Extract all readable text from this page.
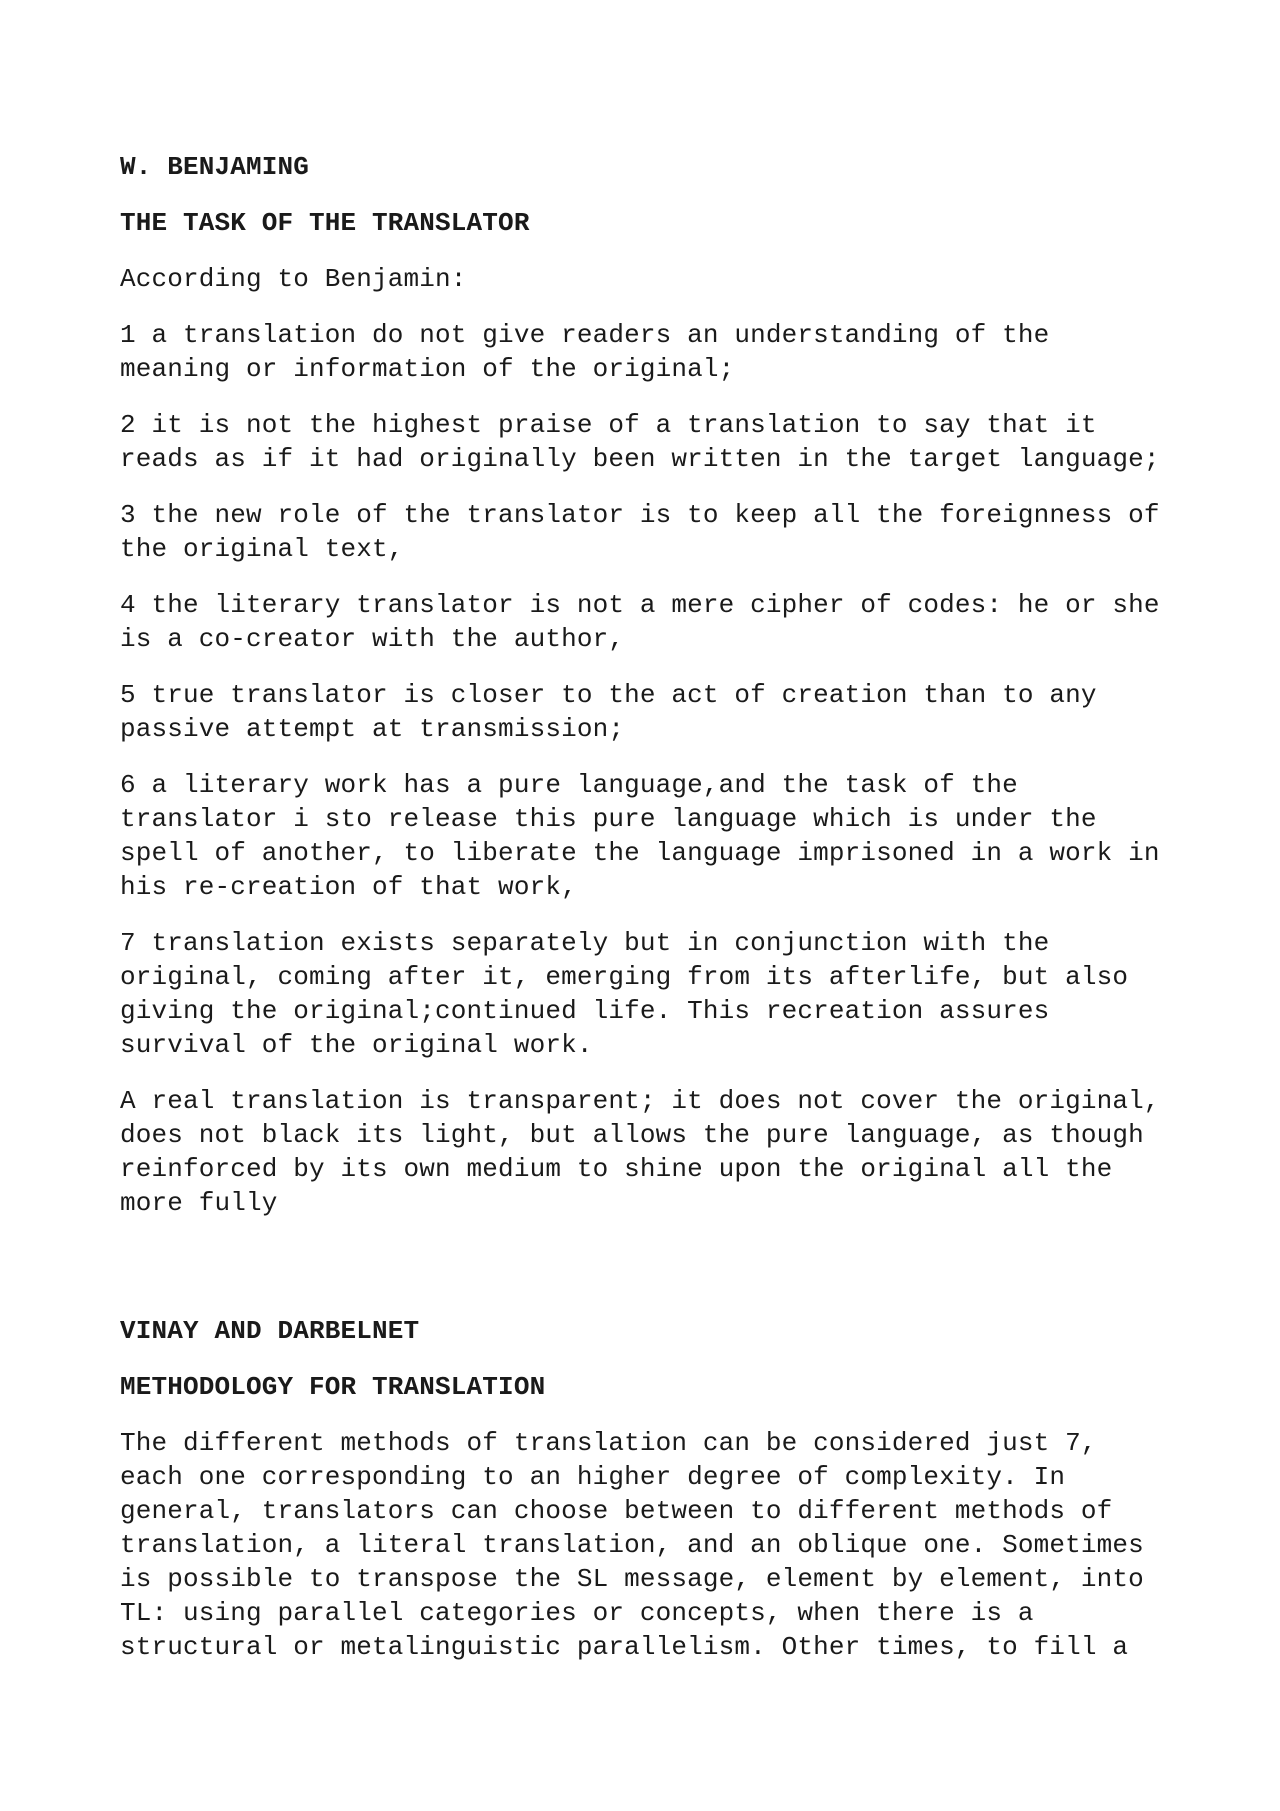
W. BENJAMING
THE TASK OF THE TRANSLATOR
According to Benjamin:
1 a translation do not give readers an understanding of the
meaning or information of the original;
2 it is not the highest praise of a translation to say that it
reads as if it had originally been written in the target language;
3 the new role of the translator is to keep all the foreignness of
the original text,
4 the literary translator is not a mere cipher of codes: he or she
is a co-creator with the author,
5 true translator is closer to the act of creation than to any
passive attempt at transmission;
6 a literary work has a pure language,and the task of the
translator i sto release this pure language which is under the
spell of another, to liberate the language imprisoned in a work in
his re-creation of that work,
7 translation exists separately but in conjunction with the
original, coming after it, emerging from its afterlife, but also
giving the original;continued life. This recreation assures
survival of the original work.
A real translation is transparent; it does not cover the original,
does not black its light, but allows the pure language, as though
reinforced by its own medium to shine upon the original all the
more fully
VINAY AND DARBELNET
METHODOLOGY FOR TRANSLATION
The different methods of translation can be considered just 7,
each one corresponding to an higher degree of complexity. In
general, translators can choose between to different methods of
translation, a literal translation, and an oblique one. Sometimes
is possible to transpose the SL message, element by element, into
TL: using parallel categories or concepts, when there is a
structural or metalinguistic parallelism. Other times, to fill a
